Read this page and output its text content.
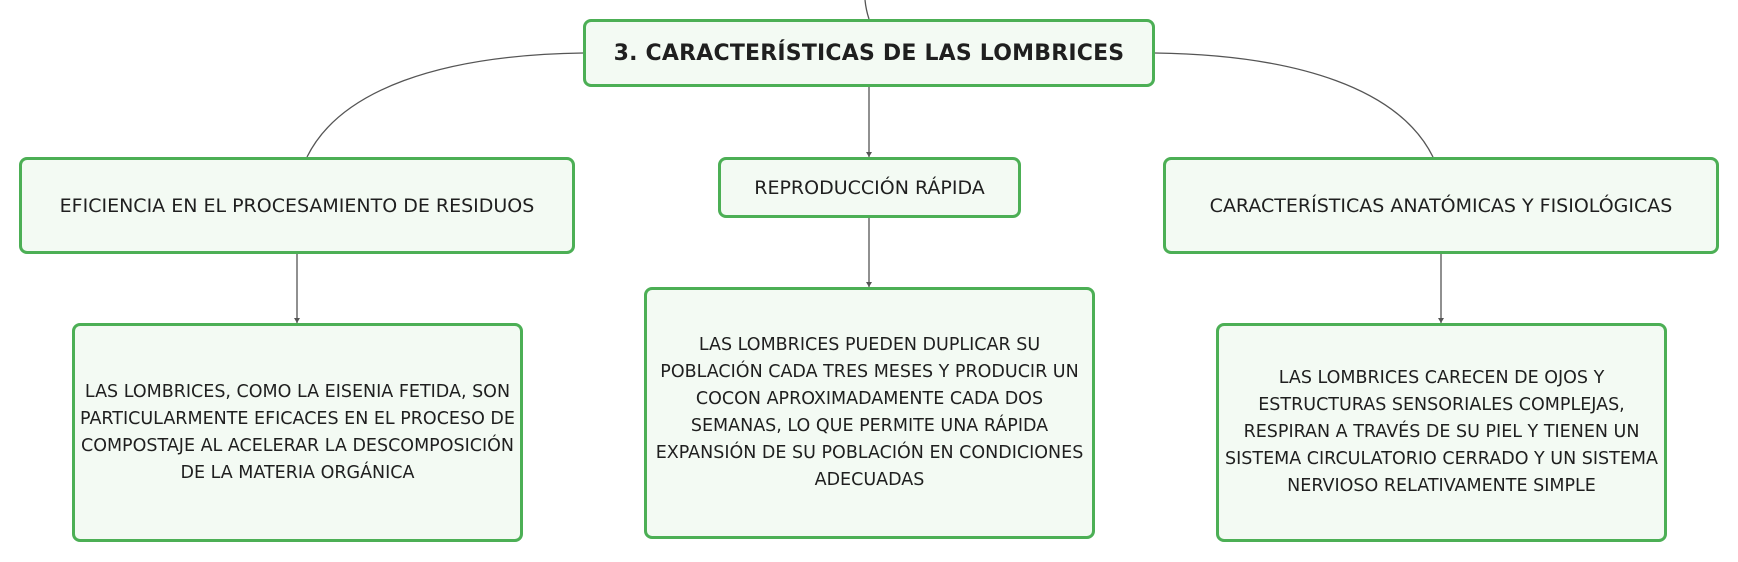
3. CARACTERÍSTICAS DE LAS LOMBRICES
EFICIENCIA EN EL PROCESAMIENTO DE RESIDUOS
REPRODUCCIÓN RÁPIDA
CARACTERÍSTICAS ANATÓMICAS Y FISIOLÓGICAS
LAS LOMBRICES, COMO LA EISENIA FETIDA, SON PARTICULARMENTE EFICACES EN EL PROCESO DE COMPOSTAJE AL ACELERAR LA DESCOMPOSICIÓN DE LA MATERIA ORGÁNICA
LAS LOMBRICES PUEDEN DUPLICAR SU POBLACIÓN CADA TRES MESES Y PRODUCIR UN COCON APROXIMADAMENTE CADA DOS SEMANAS, LO QUE PERMITE UNA RÁPIDA EXPANSIÓN DE SU POBLACIÓN EN CONDICIONES ADECUADAS
LAS LOMBRICES CARECEN DE OJOS Y ESTRUCTURAS SENSORIALES COMPLEJAS, RESPIRAN A TRAVÉS DE SU PIEL Y TIENEN UN SISTEMA CIRCULATORIO CERRADO Y UN SISTEMA NERVIOSO RELATIVAMENTE SIMPLE
